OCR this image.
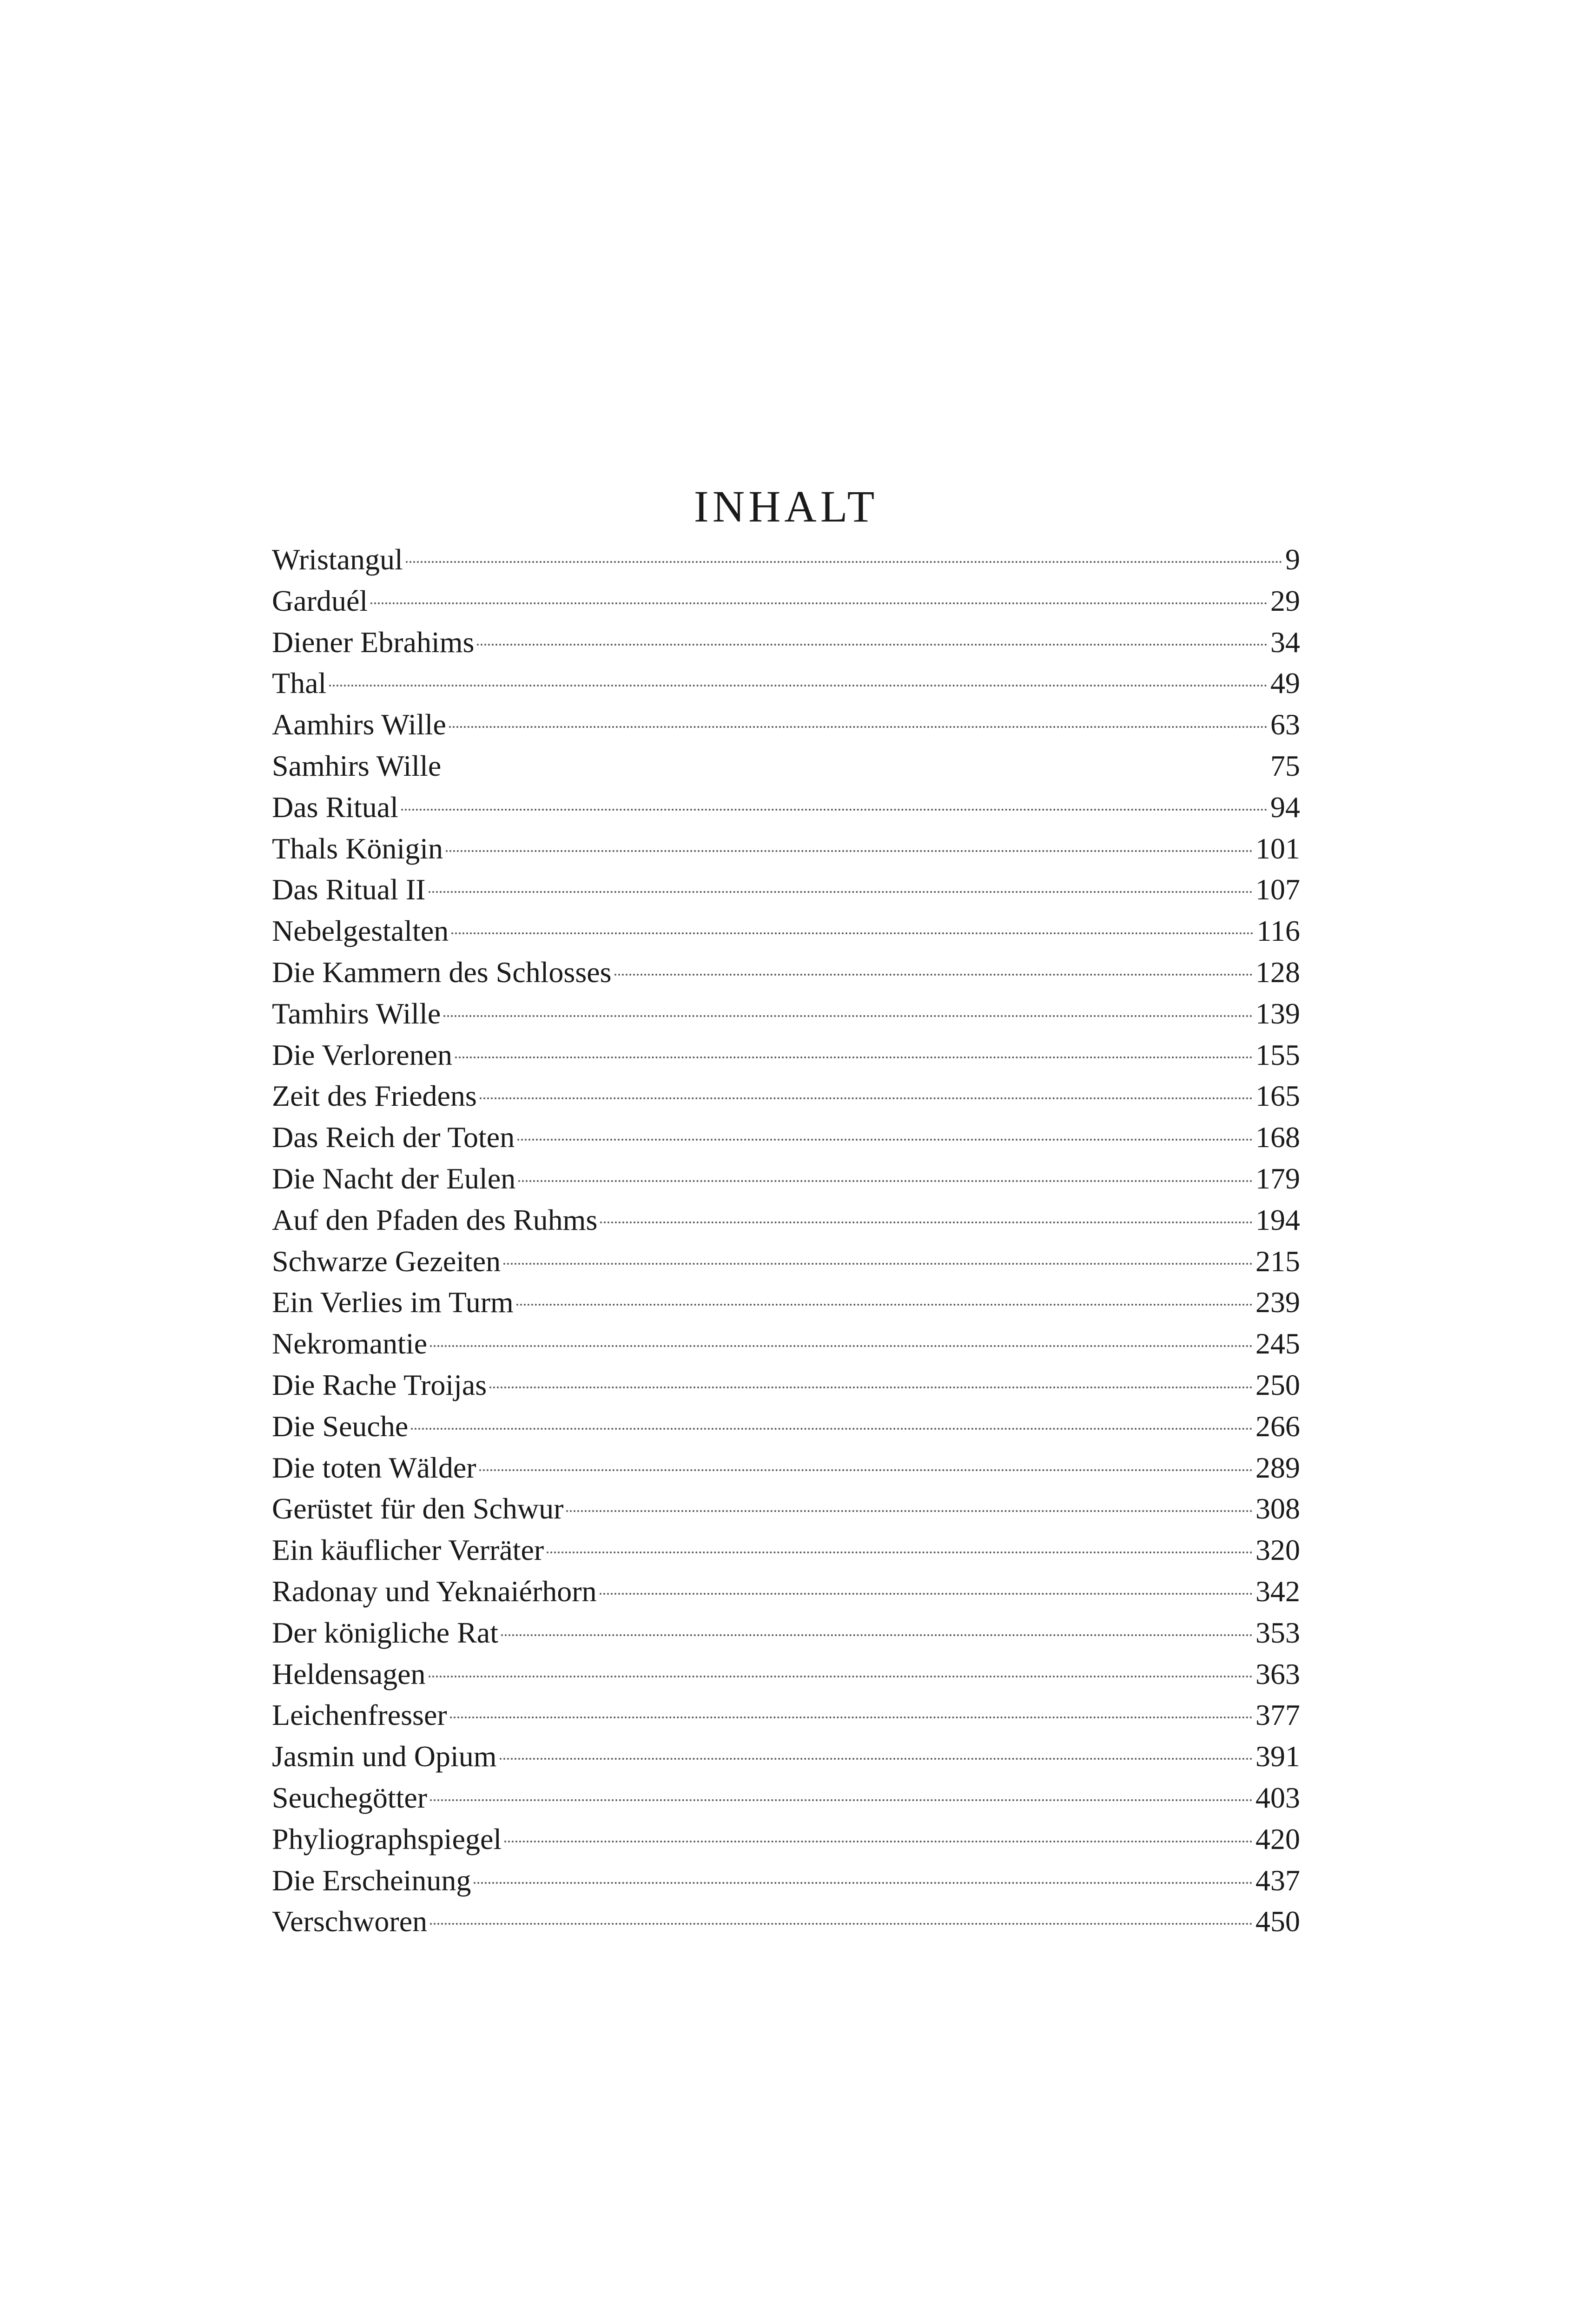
INHALT
Wristangul	9
Garduél	29
Diener Ebrahims	34
Thal	49
Aamhirs Wille	63
Samhirs Wille	75
Das Ritual	94
Thals Königin	101
Das Ritual II	107
Nebelgestalten	116
Die Kammern des Schlosses	128
Tamhirs Wille	139
Die Verlorenen	155
Zeit des Friedens	165
Das Reich der Toten	168
Die Nacht der Eulen	179
Auf den Pfaden des Ruhms	194
Schwarze Gezeiten	215
Ein Verlies im Turm	239
Nekromantie	245
Die Rache Troijas	250
Die Seuche	266
Die toten Wälder	289
Gerüstet für den Schwur	308
Ein käuflicher Verräter	320
Radonay und Yeknaiérhorn	342
Der königliche Rat	353
Heldensagen	363
Leichenfresser	377
Jasmin und Opium	391
Seuchegötter	403
Phyliographspiegel	420
Die Erscheinung	437
Verschworen	450
